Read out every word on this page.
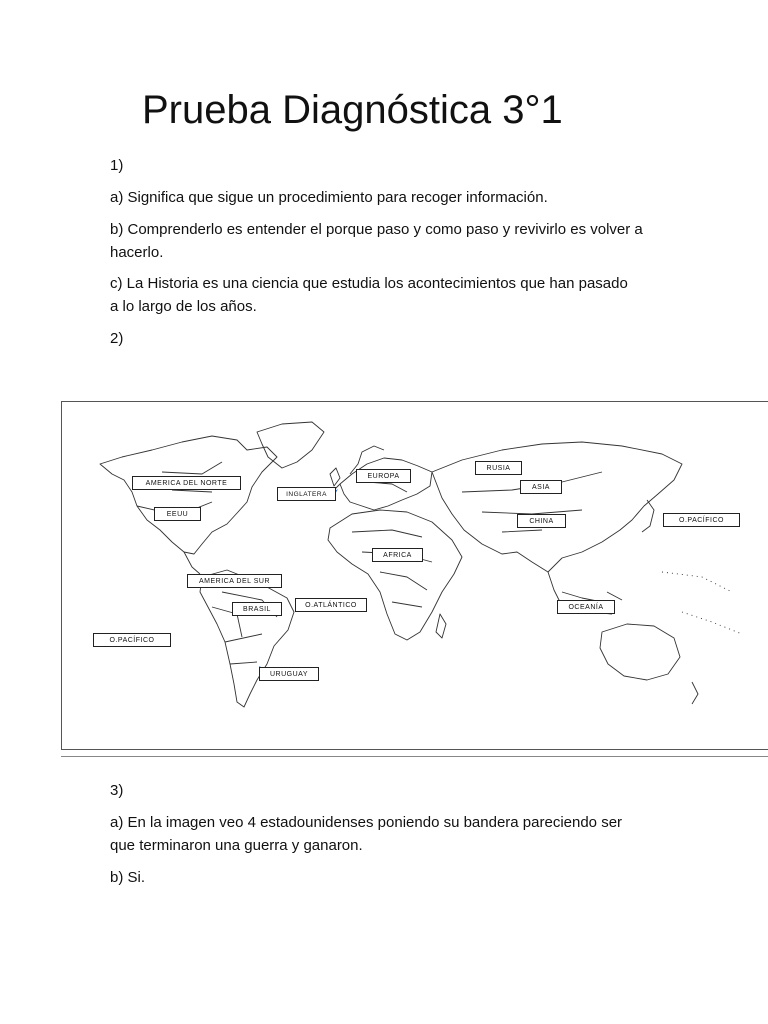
Prueba Diagnóstica 3°1

1)

a) Significa que sigue un procedimiento para recoger información.

b) Comprenderlo es entender el porque paso y como paso y revivirlo es volver a hacerlo.

c) La Historia es una ciencia que estudia los acontecimientos que han pasado a lo largo de los años.

2)

AMERICA DEL NORTE
EEUU
INGLATERA
EUROPA
RUSIA
ASIA
CHINA	O.PACÍFICO
AFRICA
AMERICA DEL SUR
BRASIL
O.ATLÁNTICO	OCEANÍA
O.PACÍFICO
URUGUAY

3)

a) En la imagen veo 4 estadounidenses poniendo su bandera pareciendo ser que terminaron una guerra y ganaron.

b) Si.
